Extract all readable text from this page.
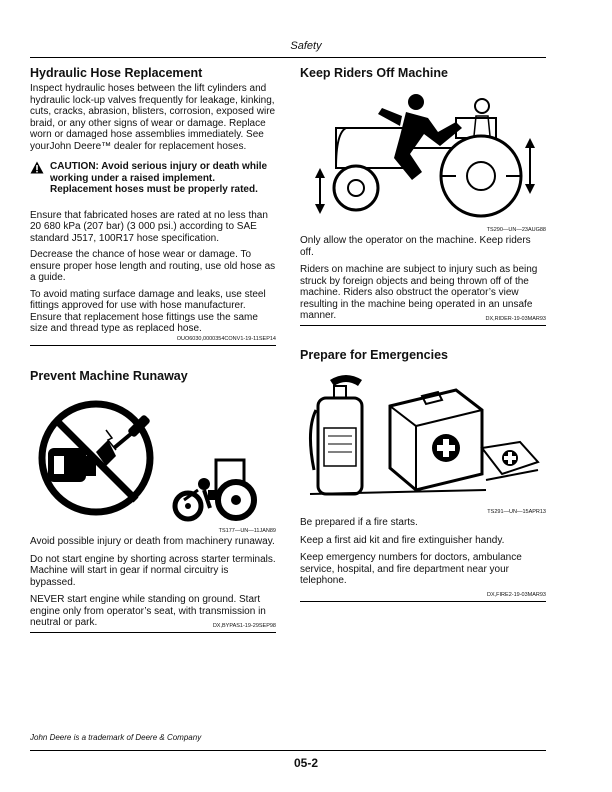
Safety
Hydraulic Hose Replacement

Inspect hydraulic hoses between the lift cylinders and hydraulic lock-up valves frequently for leakage, kinking, cuts, cracks, abrasion, blisters, corrosion, exposed wire braid, or any other signs of wear or damage. Replace worn or damaged hose assemblies immediately. See yourJohn Deere™ dealer for replacement hoses.

CAUTION: Avoid serious injury or death while working under a raised implement. Replacement hoses must be properly rated.

Ensure that fabricated hoses are rated at no less than 20 680 kPa (207 bar) (3 000 psi.) according to SAE standard J517, 100R17 hose specification.

Decrease the chance of hose wear or damage. To ensure proper hose length and routing, use old hose as a guide.

To avoid mating surface damage and leaks, use steel fittings approved for use with hose manufacturer. Ensure that replacement hose fittings use the same size and thread type as replaced hose.

OUO6030,0000354CONV1-19-11SEP14
Prevent Machine Runaway
TS177—UN—11JAN89

Avoid possible injury or death from machinery runaway.

Do not start engine by shorting across starter terminals. Machine will start in gear if normal circuitry is bypassed.

NEVER start engine while standing on ground. Start engine only from operator’s seat, with transmission in neutral or park.	DX,BYPAS1-19-29SEP98
Keep Riders Off Machine
TS290—UN—23AUG88

Only allow the operator on the machine. Keep riders off.

Riders on machine are subject to injury such as being struck by foreign objects and being thrown off of the machine. Riders also obstruct the operator’s view resulting in the machine being operated in an unsafe manner.	DX,RIDER-19-03MAR93
Prepare for Emergencies
TS291—UN—15APR13

Be prepared if a fire starts.

Keep a first aid kit and fire extinguisher handy.

Keep emergency numbers for doctors, ambulance service, hospital, and fire department near your telephone.

DX,FIRE2-19-03MAR93
John Deere is a trademark of Deere & Company
05-2
